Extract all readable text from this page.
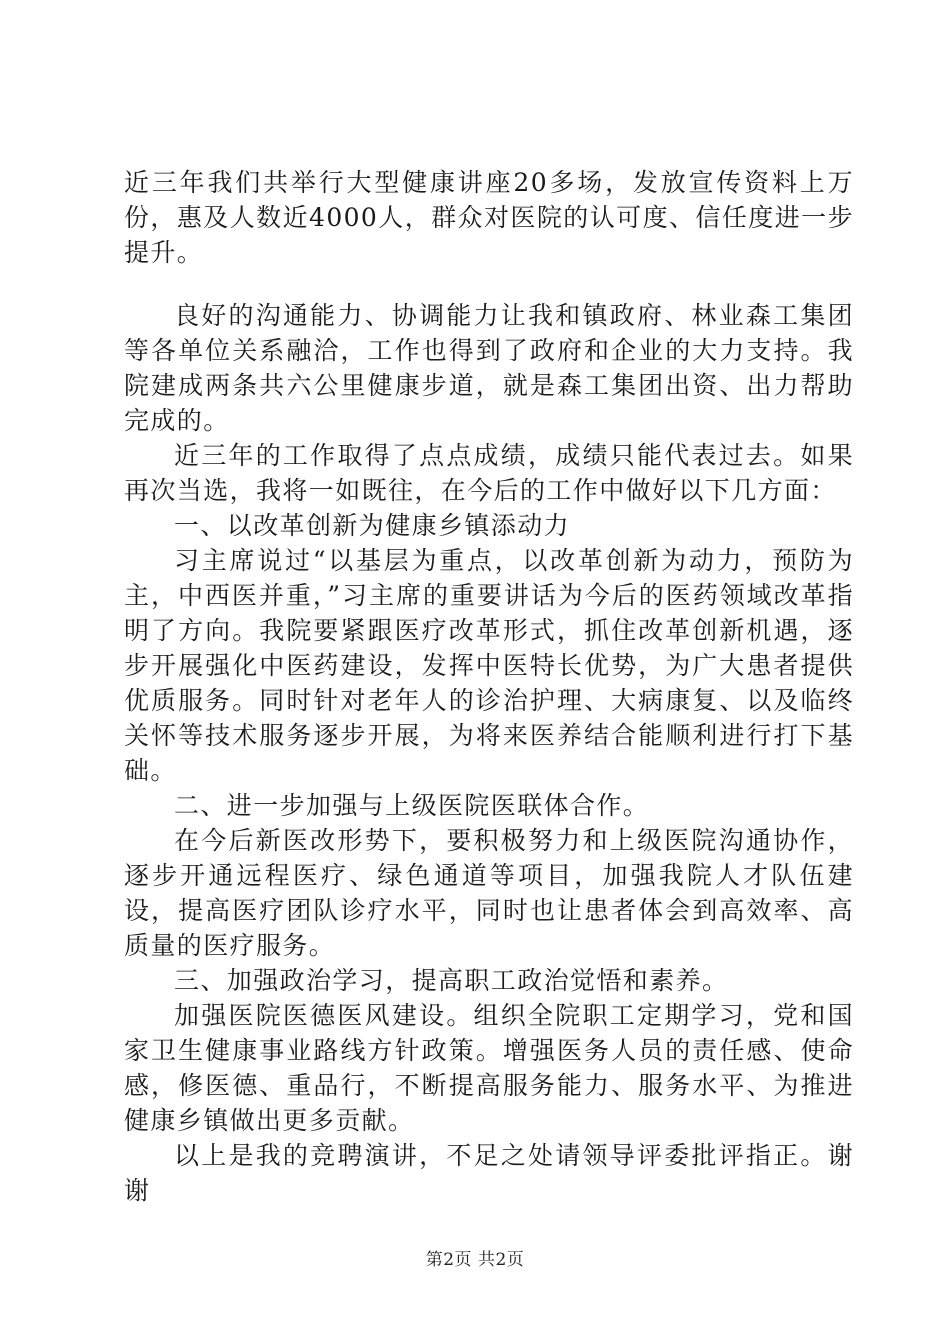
近三年我们共举行大型健康讲座20多场，发放宣传资料上万份，惠及人数近4000人，群众对医院的认可度、信任度进一步提升。

良好的沟通能力、协调能力让我和镇政府、林业森工集团等各单位关系融洽，工作也得到了政府和企业的大力支持。我院建成两条共六公里健康步道，就是森工集团出资、出力帮助完成的。

近三年的工作取得了点点成绩，成绩只能代表过去。如果再次当选，我将一如既往，在今后的工作中做好以下几方面：

一、以改革创新为健康乡镇添动力

习主席说过“以基层为重点，以改革创新为动力，预防为主，中西医并重，”习主席的重要讲话为今后的医药领域改革指明了方向。我院要紧跟医疗改革形式，抓住改革创新机遇，逐步开展强化中医药建设，发挥中医特长优势，为广大患者提供优质服务。同时针对老年人的诊治护理、大病康复、以及临终关怀等技术服务逐步开展，为将来医养结合能顺利进行打下基础。

二、进一步加强与上级医院医联体合作。

在今后新医改形势下，要积极努力和上级医院沟通协作，逐步开通远程医疗、绿色通道等项目，加强我院人才队伍建设，提高医疗团队诊疗水平，同时也让患者体会到高效率、高质量的医疗服务。

三、加强政治学习，提高职工政治觉悟和素养。

加强医院医德医风建设。组织全院职工定期学习，党和国家卫生健康事业路线方针政策。增强医务人员的责任感、使命感，修医德、重品行，不断提高服务能力、服务水平、为推进健康乡镇做出更多贡献。

以上是我的竞聘演讲，不足之处请领导评委批评指正。谢谢

第2页 共2页
